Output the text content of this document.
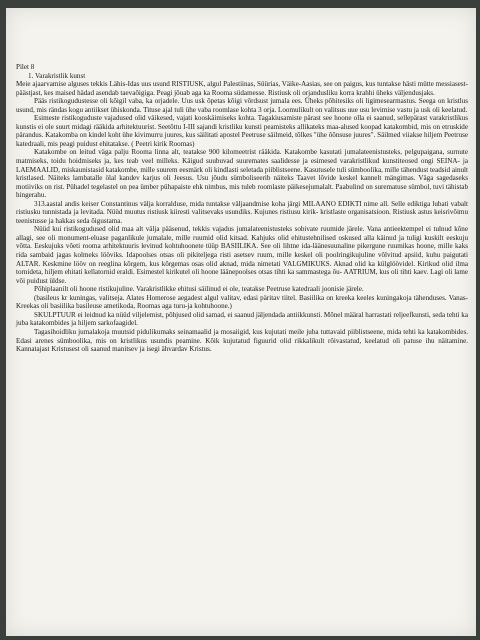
Pilet 8

1. Varakristlik kunst

Meie ajaarvamise alguses tekkis Lähis-Idas uus usund RISTIUSK, algul Palestiinas, Süürias, Väike-Aasias, see on paigus, kus tuntakse hästi mütte messiasest-päästjast, kes maised hädad asendab taevaõigiga. Peagi jõuab aga ka Rooma südamesse. Ristiusk oli orjandusliku korra krahhi üheks väljendusjaks.

Pääs ristikogudustesse oli kõigil vaba, ka orjadele. Uus usk õpetas kõigi võrdsust jumala ees. Üheks põhitesiks oli ligimesearmastus. Seega on kristlus usund, mis rändas kogu antiikset ühiskonda. Tituse ajal tuli ühe vaba roomlase kohta 3 orja. Loomulikult on valitsus uue usu levimise vastu ja usk oli keelatud.

Esimeste ristikoguduste vajadused olid väikesed, vajati kooskäimiseks kohta. Tagakiusamiste pärast see hoone olla ei saanud, sellepärast varakristlikus kunstis ei ole suurt midagi rääkida arhitektuurist. Seetõttu I-III sajandi kristliku kunsti peamisteks allikateks maa-alused koopad katakombid, mis on etruskide pärandus. Katakomba on kindel koht ühe kivimurru juures, kus säilitati apostel Peetruse säilmeid, tõlkes "ühe õõnsuse juures". Säilmed viiakse hiljem Peetruse katedraali, mis peagi puidust ehitatakse. ( Peetri kirik Roomas)

Katakombe on leitud väga palju Rooma linna alt, teatakse 900 kilomeetrist rääkida. Katakombe kasutati jumalateenistusteks, pelgupaigana, surnute matmiseks, toidu hoidmiseks ja, kes teab veel milleks. Käigud suubuvad suuremates saalidesse ja esimesed varakristlikud kunstiteosed ongi SEINA- ja LAEMAALID, miskaunistasid katakombe, mille suurem eesmärk oli kindlasti seletada piiblistseene. Kasutusele tuli sümboolika, mille tähendust teadsid ainult kristlased. Näiteks lambatalle ölal kandev karjus oli Jeesus. Usu jõudu sümboliseerib näiteks Taavet lõvide keskel kannelt mängimas. Väga sagedaseks motiiviks on rist. Pühadel tegelastel on pea ümber pühapaiste ehk nimbus, mis tuleb roomlaste päikesejumalalt. Paabulind on surematuse sümbol, tuvi tähistab hingerahu.

313.aastal andis keiser Constantinus välja korralduse, mida tuntakse väljaandmise koha järgi MILAANO EDIKTI nime all. Selle ediktiga lubati vabalt ristiusku tunnistada ja levitada. Nüüd muutus ristiusk kiiresti valitsevaks usundiks. Kujunes ristiusu kirik- kristlaste organisatsioon. Ristiusk astus keisrivõimu teenistusse ja hakkas seda õigustama.

Nüüd kui ristikogudused olid maa alt välja pääsenud, tekkis vajadus jumalateenistusteks sobivate ruumide järele. Vana antieektempel ei tulnud kõne allagi, see oli monument-eluase paganlikule jumalale, mille ruumid olid kitsad. Kahjuks olid ehitustehnilised oskused alla käinud ja tuligi kuskilt eeskuju võtta. Eeskujuks võeti rooma arhitektuuris levinud kohtuhoonete tüüp BASIILIKA. See oli lihtne ida-läänesuunaline pikergune ruumikas hoone, mille kaks rida sambaid jagas kolmeks lööviks. Idapoolses otsas oli pikiteljega risti asetsev ruum, mille keskel oli poolringikujuline võlvitud apsiid, kuhu paigutati ALTAR. Keskmine lööv on reeglina kõrgem, kus kõrgemas osas olid aknad, mida nimetati VALGMIKUKS. Aknad olid ka külglöövidel. Kirikud olid ilma tornideta, hiljem ehitati kellatornid eraldi. Esimestel kirikutel oli hoone läänepoolses otsas tihti ka sammastega õu- AATRIUM, kus oli tihti kaev. Lagi oli lame või puidust üldse.

Põhiplaanilt oli hoone ristikujuline. Varakristlikke ehitusi säilinud ei ole, teatakse Peetruse katedraali joonisie järele.

(basileus kr kuningas, valitseja. Alates Homerose aegadest algul valitav, edasi päritav tiitel. Basiilika on kreeka keeles kuningakoja tähenduses. Vanas-Kreekas oli basiilika basileuse ametikoda, Roomas aga turu-ja kohtuhoone.)

SKULPTUUR ei leidnud ka nüüd viljelemist, põhjused olid samad, ei saanud jäljendada antiikkunsti. Mõnel määral harrastati reljeefkunsti, seda tehti ka juba katakombides ja hiljem sarkofaagidel.

Tagasihoidliku jumalakoja muutsid pidulikumaks seinamaalid ja mosaiigid, kus kujutati meile juba tuttavaid piiblistseene, mida tehti ka katakombides. Edasi arenes sümboolika, mis on kristlikus usundis peamine. Kõik kujutatud figuurid olid rikkalikult rõivastatud, keelatud oli patuse ihu näitamine. Kannatajast Kristusest oli saanud manitsev ja isegi ähvardav Kristus.
